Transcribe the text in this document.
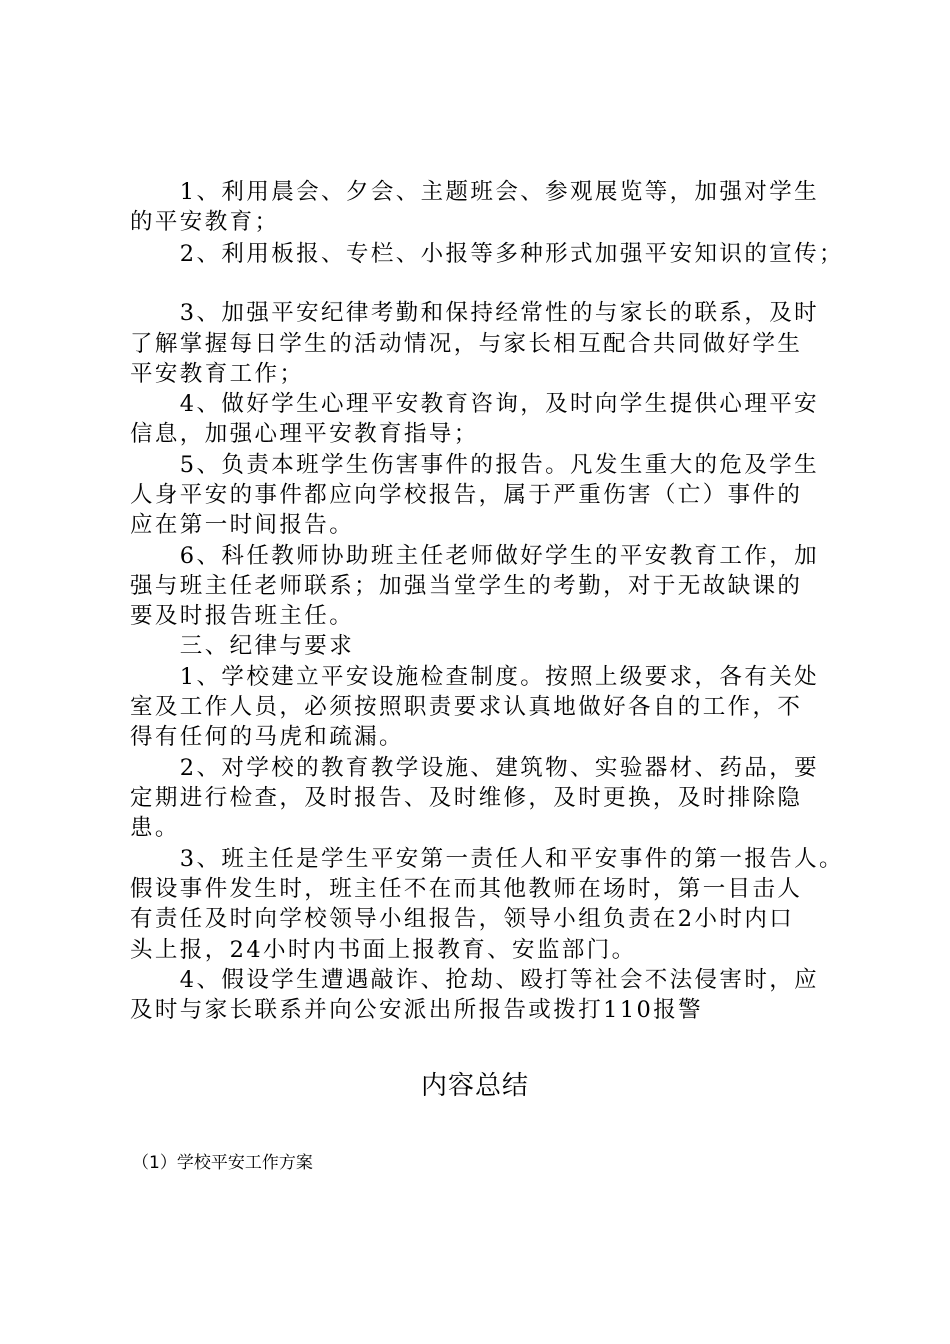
　　1、利用晨会、夕会、主题班会、参观展览等，加强对学生
的平安教育；
　　2、利用板报、专栏、小报等多种形式加强平安知识的宣传；
　　3、加强平安纪律考勤和保持经常性的与家长的联系，及时
了解掌握每日学生的活动情况，与家长相互配合共同做好学生
平安教育工作；
　　4、做好学生心理平安教育咨询，及时向学生提供心理平安
信息，加强心理平安教育指导；
　　5、负责本班学生伤害事件的报告。凡发生重大的危及学生
人身平安的事件都应向学校报告，属于严重伤害（亡）事件的
应在第一时间报告。
　　6、科任教师协助班主任老师做好学生的平安教育工作，加
强与班主任老师联系；加强当堂学生的考勤，对于无故缺课的
要及时报告班主任。
　　三、纪律与要求
　　1、学校建立平安设施检查制度。按照上级要求，各有关处
室及工作人员，必须按照职责要求认真地做好各自的工作，不
得有任何的马虎和疏漏。
　　2、对学校的教育教学设施、建筑物、实验器材、药品，要
定期进行检查，及时报告、及时维修，及时更换，及时排除隐
患。
　　3、班主任是学生平安第一责任人和平安事件的第一报告人。
假设事件发生时，班主任不在而其他教师在场时，第一目击人
有责任及时向学校领导小组报告，领导小组负责在2小时内口
头上报，24小时内书面上报教育、安监部门。
　　4、假设学生遭遇敲诈、抢劫、殴打等社会不法侵害时，应
及时与家长联系并向公安派出所报告或拨打110报警
内容总结
（1）学校平安工作方案
